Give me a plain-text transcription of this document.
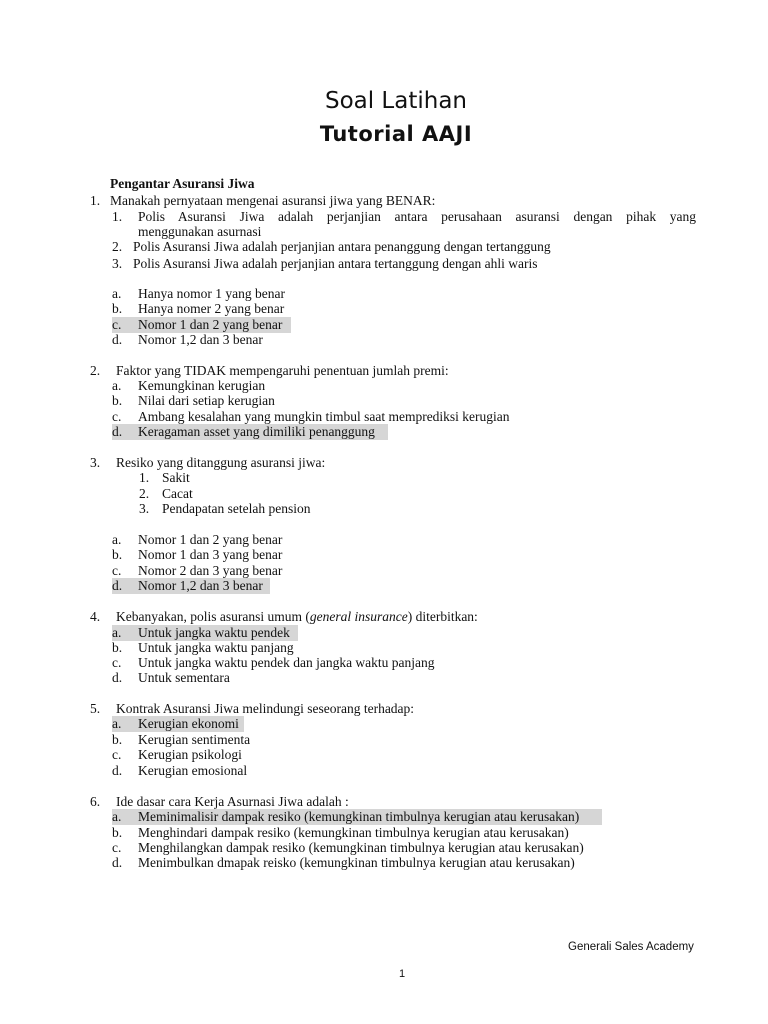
Soal Latihan
Tutorial AAJI
Pengantar Asuransi Jiwa
1. Manakah pernyataan mengenai asuransi jiwa yang BENAR:
1. Polis Asuransi Jiwa adalah perjanjian antara perusahaan asuransi dengan pihak yang
menggunakan asurnasi
2. Polis Asuransi Jiwa adalah perjanjian antara penanggung dengan tertanggung
3. Polis Asuransi Jiwa adalah perjanjian antara tertanggung dengan ahli waris
a. Hanya nomor 1 yang benar
b. Hanya nomer 2 yang benar
c. Nomor 1 dan 2 yang benar
d. Nomor 1,2 dan 3 benar
2. Faktor yang TIDAK mempengaruhi penentuan jumlah premi:
a. Kemungkinan kerugian
b. Nilai dari setiap kerugian
c. Ambang kesalahan yang mungkin timbul saat memprediksi kerugian
d. Keragaman asset yang dimiliki penanggung
3. Resiko yang ditanggung asuransi jiwa:
1. Sakit
2. Cacat
3. Pendapatan setelah pension
a. Nomor 1 dan 2 yang benar
b. Nomor 1 dan 3 yang benar
c. Nomor 2 dan 3 yang benar
d. Nomor 1,2 dan 3 benar
4. Kebanyakan, polis asuransi umum (general insurance) diterbitkan:
a. Untuk jangka waktu pendek
b. Untuk jangka waktu panjang
c. Untuk jangka waktu pendek dan jangka waktu panjang
d. Untuk sementara
5. Kontrak Asuransi Jiwa melindungi seseorang terhadap:
a. Kerugian ekonomi
b. Kerugian sentimenta
c. Kerugian psikologi
d. Kerugian emosional
6. Ide dasar cara Kerja Asurnasi Jiwa adalah :
a. Meminimalisir dampak resiko (kemungkinan timbulnya kerugian atau kerusakan)
b. Menghindari dampak resiko (kemungkinan timbulnya kerugian atau kerusakan)
c. Menghilangkan dampak resiko (kemungkinan timbulnya kerugian atau kerusakan)
d. Menimbulkan dmapak reisko (kemungkinan timbulnya kerugian atau kerusakan)
Generali Sales Academy
1
